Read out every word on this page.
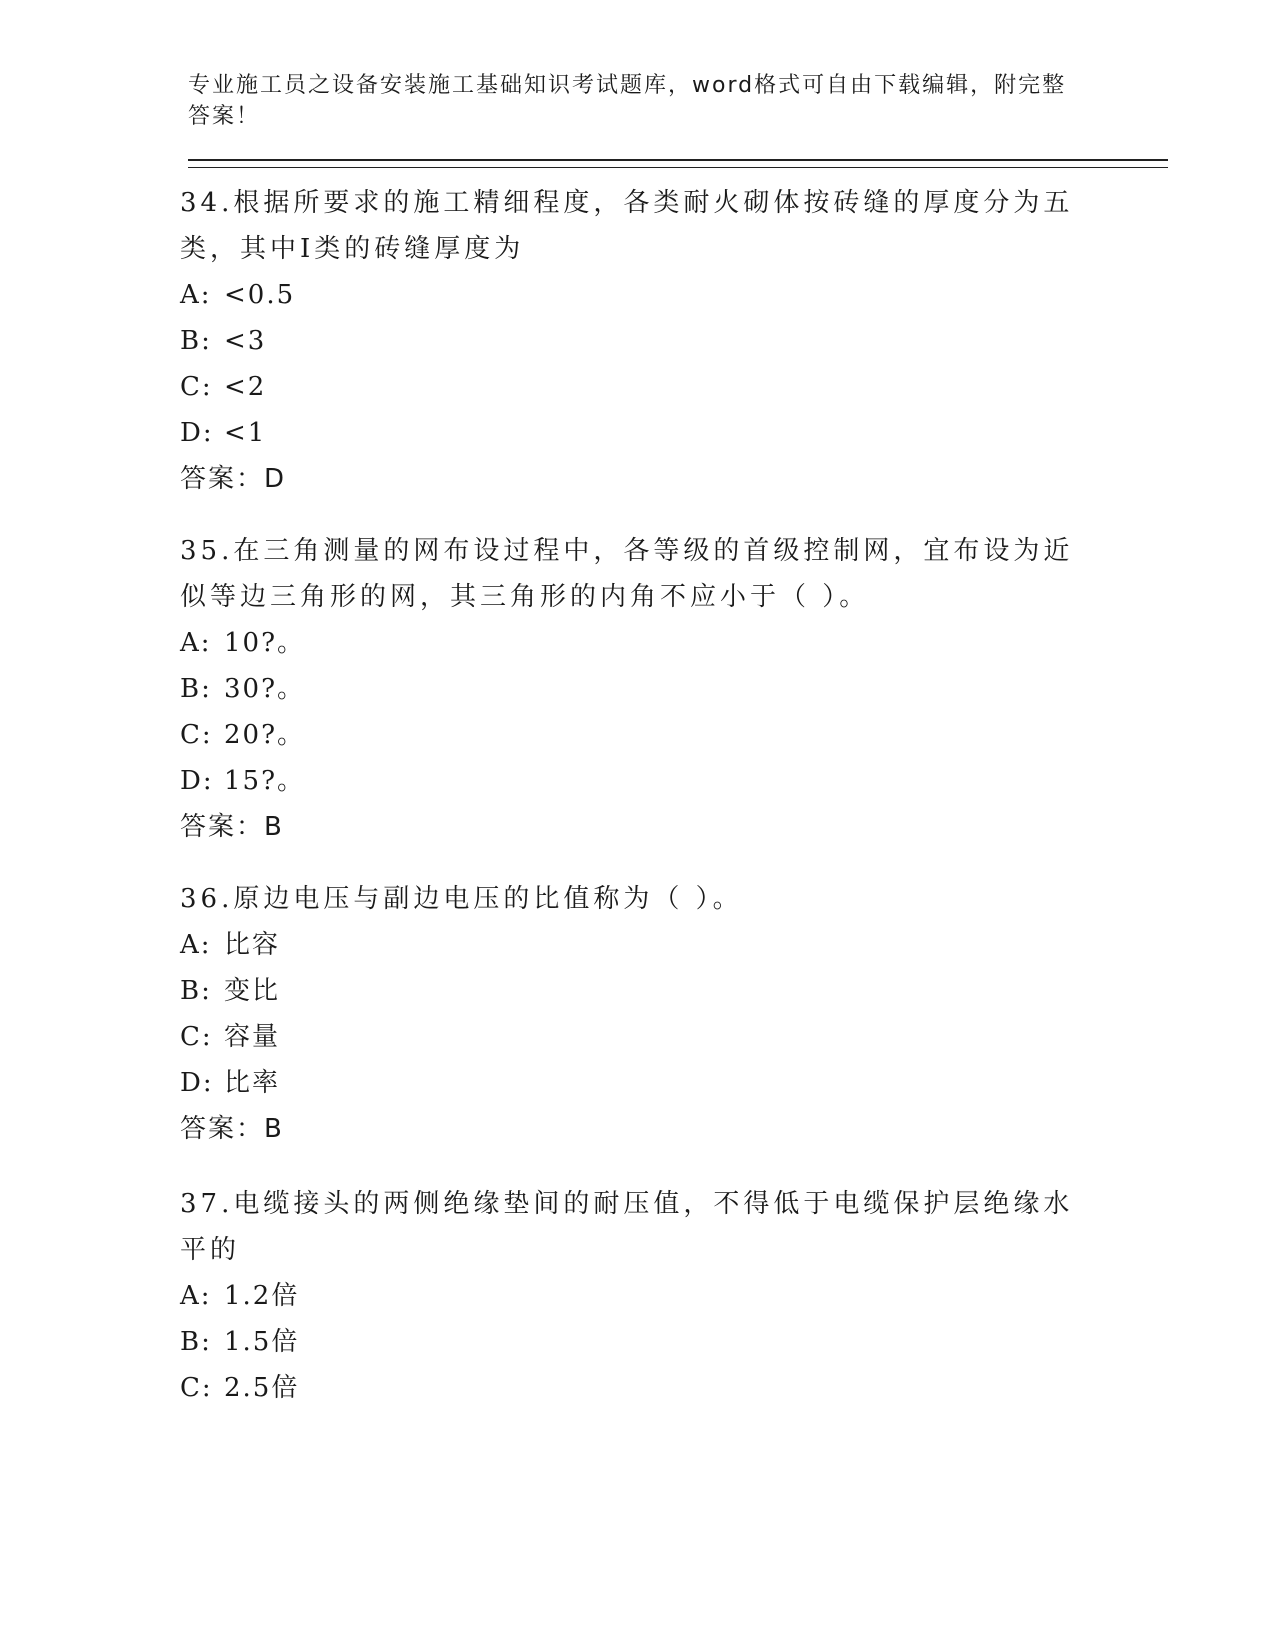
专业施工员之设备安装施工基础知识考试题库，word格式可自由下载编辑，附完整答案！

34.根据所要求的施工精细程度，各类耐火砌体按砖缝的厚度分为五类，其中Ⅰ类的砖缝厚度为

A: <0.5

B: <3

C: <2

D: <1

答案：D

35.在三角测量的网布设过程中，各等级的首级控制网，宜布设为近似等边三角形的网，其三角形的内角不应小于（ ）。

A: 10?。

B: 30?。

C: 20?。

D: 15?。

答案：B

36.原边电压与副边电压的比值称为（ ）。

A: 比容

B: 变比

C: 容量

D: 比率

答案：B

37.电缆接头的两侧绝缘垫间的耐压值，不得低于电缆保护层绝缘水平的

A: 1.2倍

B: 1.5倍

C: 2.5倍
